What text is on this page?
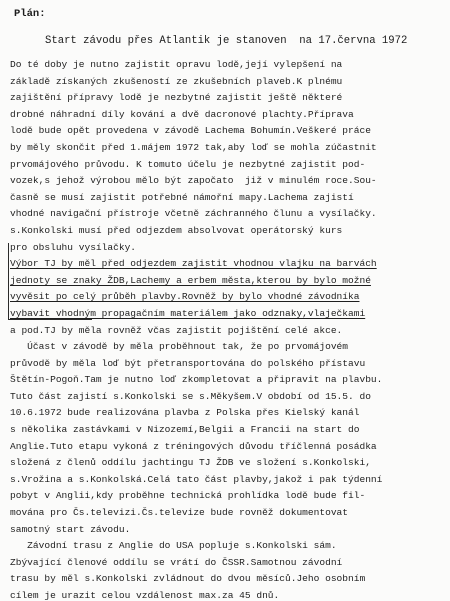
Plán:
Start závodu přes Atlantik je stanoven  na 17.června 1972
Do té doby je nutno zajistit opravu lodě,její vylepšení na
základě získaných zkušeností ze zkušebních plaveb.K plnému
zajištění přípravy lodě je nezbytné zajistit ještě některé
drobné náhradní díly kování a dvě dacronové plachty.Příprava
lodě bude opět provedena v závodě Lachema Bohumín.Veškeré práce
by měly skončit před 1.májem 1972 tak,aby loď se mohla zúčastnit
prvomájového průvodu. K tomuto účelu je nezbytné zajistit pod-
vozek,s jehož výrobou mělo být započato  již v minulém roce.Sou-
časně se musí zajistit potřebné námořní mapy.Lachema zajistí
vhodné navigační přístroje včetně záchranného člunu a vysílačky.
s.Konkolski musí před odjezdem absolvovat operátorský kurs
pro obsluhu vysílačky.
Výbor TJ by měl před odjezdem zajistit vhodnou vlajku na barvách
jednoty se znaky ŽDB,Lachemy a erbem města,kterou by bylo možné
vyvěsit po celý průběh plavby.Rovněž by bylo vhodné závodníka
vybavit vhodným propagačním materiálem jako odznaky,vlaječkami
a pod.TJ by měla rovněž včas zajistit pojištění celé akce.
Účast v závodě by měla proběhnout tak, že po prvomájovém
průvodě by měla loď být přetransportována do polského přístavu
Štětín-Pogoň.Tam je nutno loď zkompletovat a připravit na plavbu.
Tuto část zajistí s.Konkolski se s.Měkyšem.V období od 15.5. do
10.6.1972 bude realizována plavba z Polska přes Kielský kanál
s několika zastávkami v Nizozemí,Belgii a Francii na start do
Anglie.Tuto etapu vykoná z tréningových důvodu tříčlenná posádka
složená z členů oddílu jachtingu TJ ŽDB ve složení s.Konkolski,
s.Vrožina a s.Konkolská.Celá tato část plavby,jakož i pak týdenní
pobyt v Anglii,kdy proběhne technická prohlídka lodě bude fil-
mována pro Čs.televizi.Čs.televize bude rovněž dokumentovat
samotný start závodu.
Závodní trasu z Anglie do USA popluje s.Konkolski sám.
Zbývající členové oddílu se vrátí do ČSSR.Samotnou závodní
trasu by měl s.Konkolski zvládnout do dvou měsíců.Jeho osobním
cílem je urazit celou vzdálenost max.za 45 dnů.
